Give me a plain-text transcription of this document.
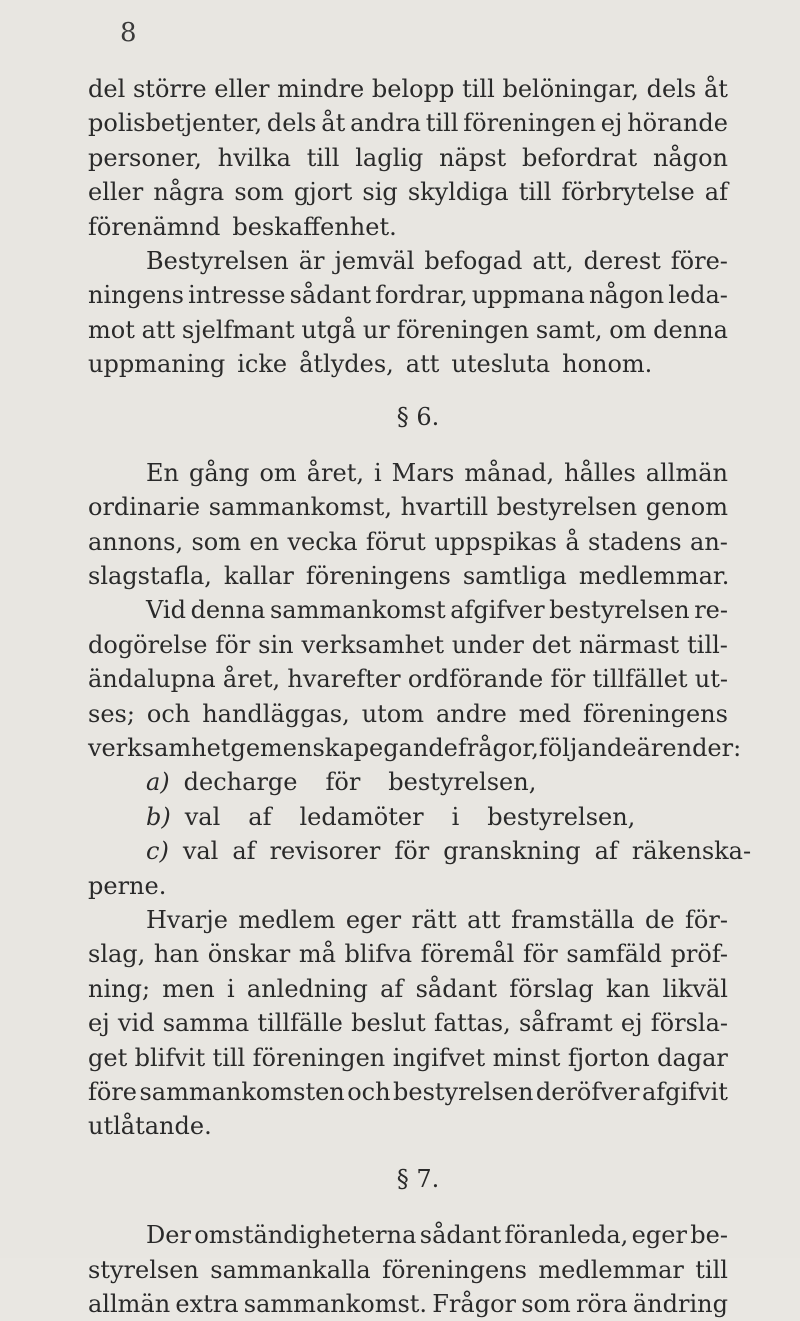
8
del större eller mindre belopp till belöningar, dels åt
polisbetjenter, dels åt andra till föreningen ej hörande
personer, hvilka till laglig näpst befordrat någon
eller några som gjort sig skyldiga till förbrytelse af
förenämnd beskaffenhet.
Bestyrelsen är jemväl befogad att, derest före-
ningens intresse sådant fordrar, uppmana någon leda-
mot att sjelfmant utgå ur föreningen samt, om denna
uppmaning icke åtlydes, att utesluta honom.
§ 6.
En gång om året, i Mars månad, hålles allmän
ordinarie sammankomst, hvartill bestyrelsen genom
annons, som en vecka förut uppspikas å stadens an-
slagstafla, kallar föreningens samtliga medlemmar.
Vid denna sammankomst afgifver bestyrelsen re-
dogörelse för sin verksamhet under det närmast till-
ändalupna året, hvarefter ordförande för tillfället ut-
ses; och handläggas, utom andre med föreningens
verksamhet gemenskap egande frågor, följande ärender:
a) decharge för bestyrelsen,
b) val af ledamöter i bestyrelsen,
c) val af revisorer för granskning af räkenska-
perne.
Hvarje medlem eger rätt att framställa de för-
slag, han önskar må blifva föremål för samfäld pröf-
ning; men i anledning af sådant förslag kan likväl
ej vid samma tillfälle beslut fattas, såframt ej försla-
get blifvit till föreningen ingifvet minst fjorton dagar
före sammankomsten och bestyrelsen deröfver afgifvit
utlåtande.
§ 7.
Der omständigheterna sådant föranleda, eger be-
styrelsen sammankalla föreningens medlemmar till
allmän extra sammankomst. Frågor som röra ändring
